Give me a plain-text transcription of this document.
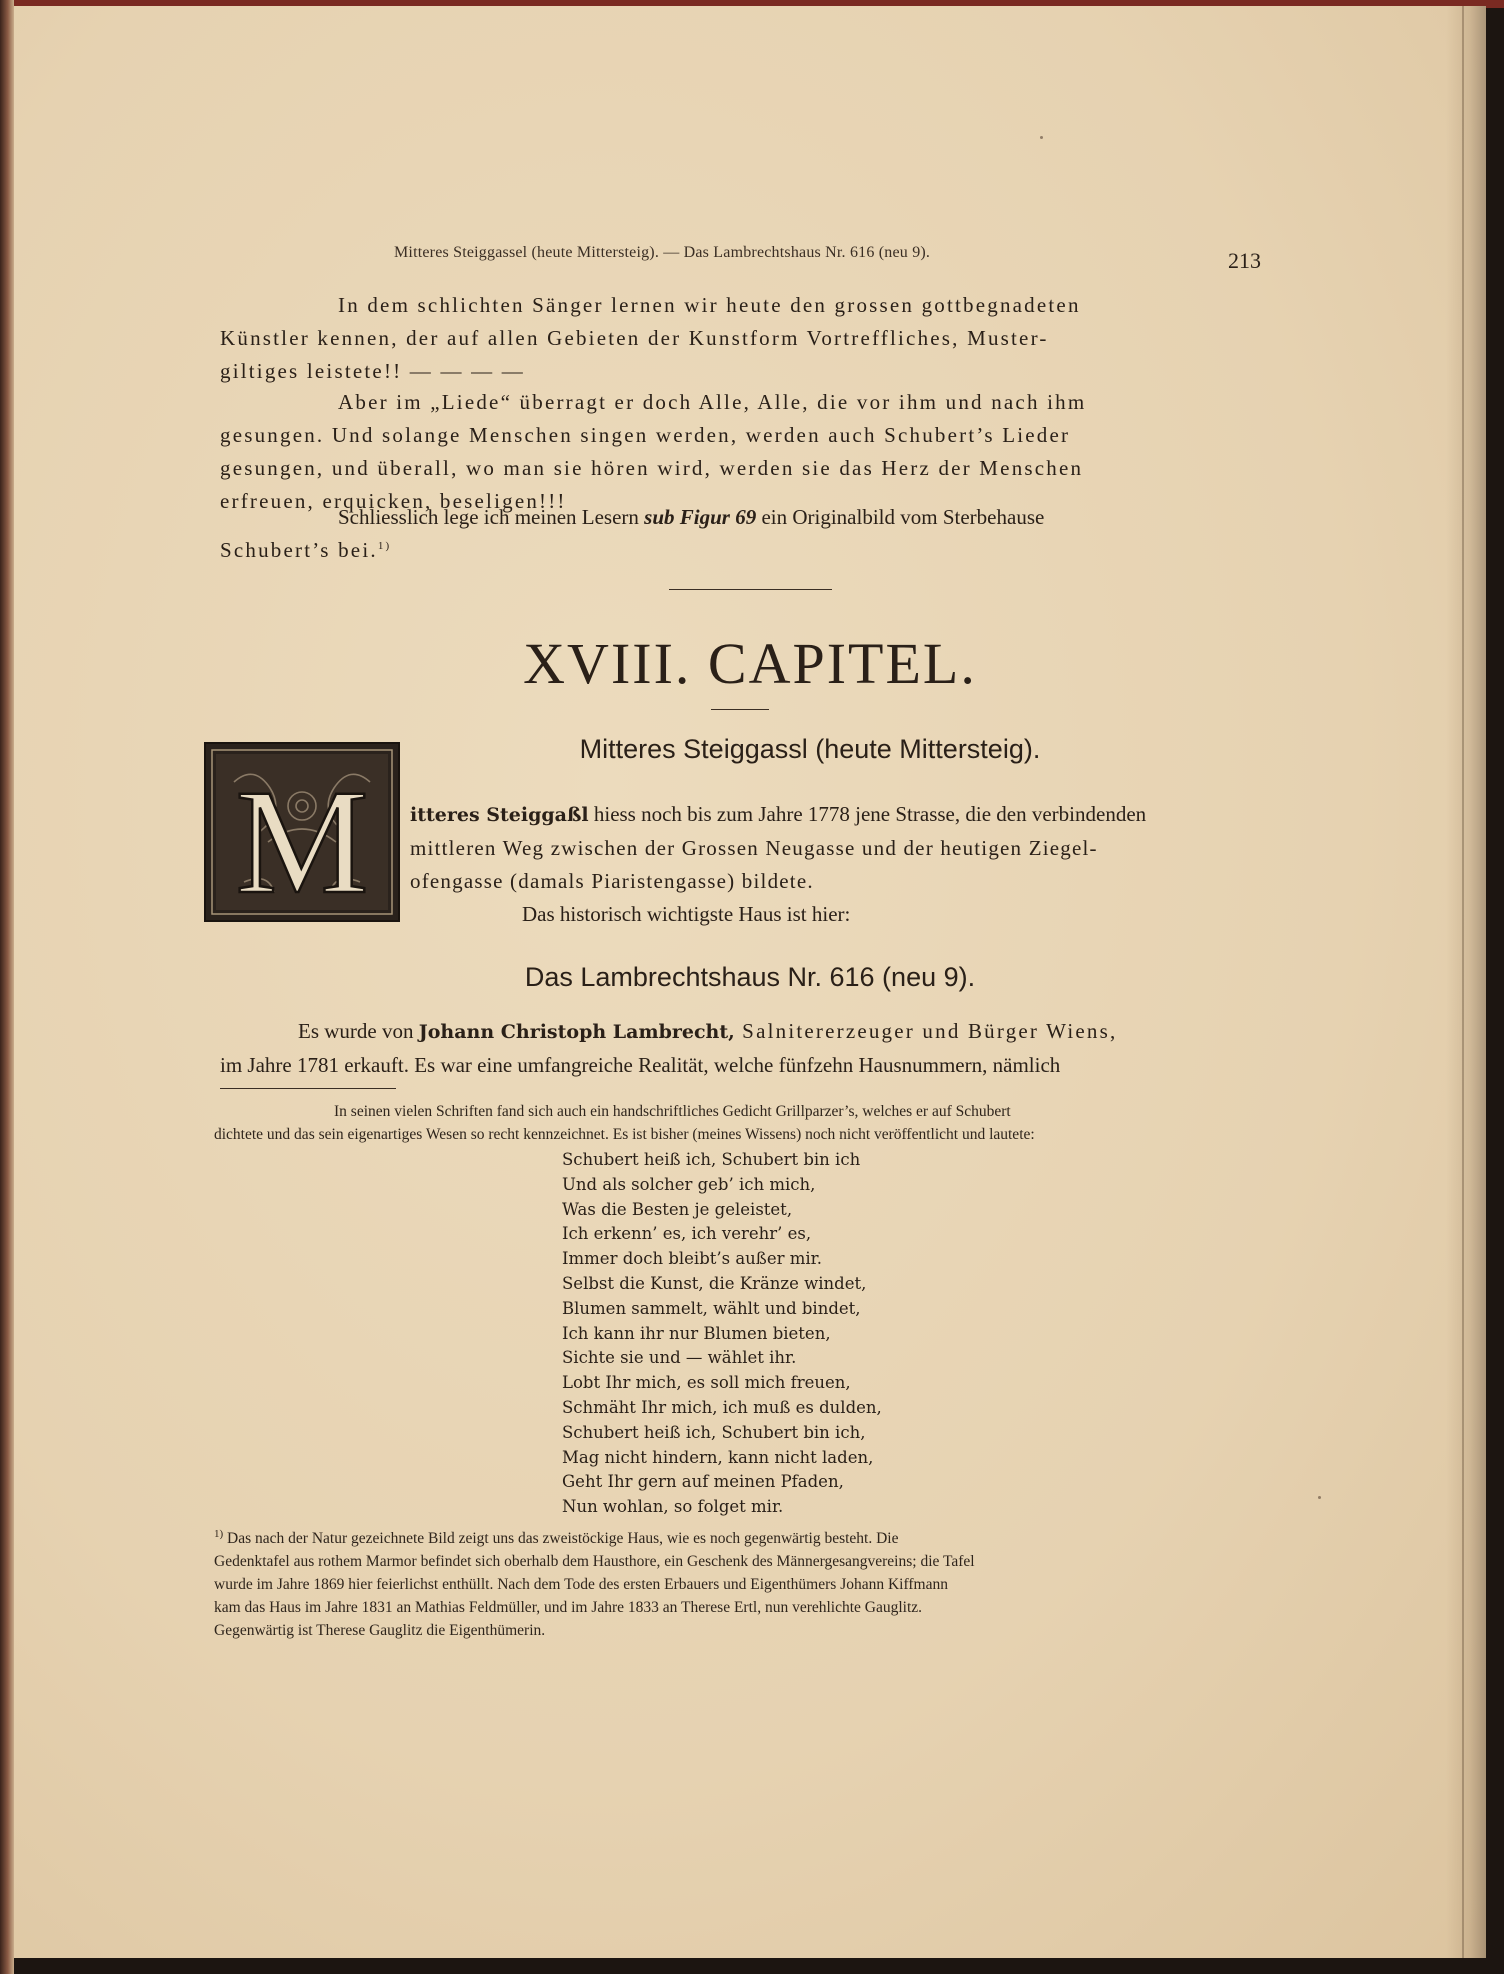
Mitteres Steiggassel (heute Mittersteig). — Das Lambrechtshaus Nr. 616 (neu 9).	213
In dem schlichten Sänger lernen wir heute den grossen gottbegnadeten
Künstler kennen, der auf allen Gebieten der Kunstform Vortreffliches, Muster-
giltiges leistete!! — — — —
Aber im „Liede“ überragt er doch Alle, Alle, die vor ihm und nach ihm
gesungen. Und solange Menschen singen werden, werden auch Schubert’s Lieder
gesungen, und überall, wo man sie hören wird, werden sie das Herz der Menschen
erfreuen, erquicken, beseligen!!!
Schliesslich lege ich meinen Lesern sub Figur 69 ein Originalbild vom Sterbehause
Schubert’s bei.$^{1)}$
XVIII. CAPITEL.
Mitteres Steiggassl (heute Mittersteig).
M itteres Steiggaßl hiess noch bis zum Jahre 1778 jene Strasse, die den verbindenden
mittleren Weg zwischen der Grossen Neugasse und der heutigen Ziegel-
ofengasse (damals Piaristengasse) bildete.
Das historisch wichtigste Haus ist hier:
Das Lambrechtshaus Nr. 616 (neu 9).
Es wurde von Johann Christoph Lambrecht, Salnitererzeuger und Bürger Wiens,
im Jahre 1781 erkauft. Es war eine umfangreiche Realität, welche fünfzehn Hausnummern, nämlich
In seinen vielen Schriften fand sich auch ein handschriftliches Gedicht Grillparzer’s, welches er auf Schubert
dichtete und das sein eigenartiges Wesen so recht kennzeichnet. Es ist bisher (meines Wissens) noch nicht veröffentlicht und lautete:
Schubert heiß ich, Schubert bin ich
Und als solcher geb’ ich mich,
Was die Besten je geleistet,
Ich erkenn’ es, ich verehr’ es,
Immer doch bleibt’s außer mir.
Selbst die Kunst, die Kränze windet,
Blumen sammelt, wählt und bindet,
Ich kann ihr nur Blumen bieten,
Sichte sie und — wählet ihr.
Lobt Ihr mich, es soll mich freuen,
Schmäht Ihr mich, ich muß es dulden,
Schubert heiß ich, Schubert bin ich,
Mag nicht hindern, kann nicht laden,
Geht Ihr gern auf meinen Pfaden,
Nun wohlan, so folget mir.
$^{1)}$ Das nach der Natur gezeichnete Bild zeigt uns das zweistöckige Haus, wie es noch gegenwärtig besteht. Die
Gedenktafel aus rothem Marmor befindet sich oberhalb dem Hausthore, ein Geschenk des Männergesangvereins; die Tafel
wurde im Jahre 1869 hier feierlichst enthüllt. Nach dem Tode des ersten Erbauers und Eigenthümers Johann Kiffmann
kam das Haus im Jahre 1831 an Mathias Feldmüller, und im Jahre 1833 an Therese Ertl, nun verehlichte Gauglitz.
Gegenwärtig ist Therese Gauglitz die Eigenthümerin.
